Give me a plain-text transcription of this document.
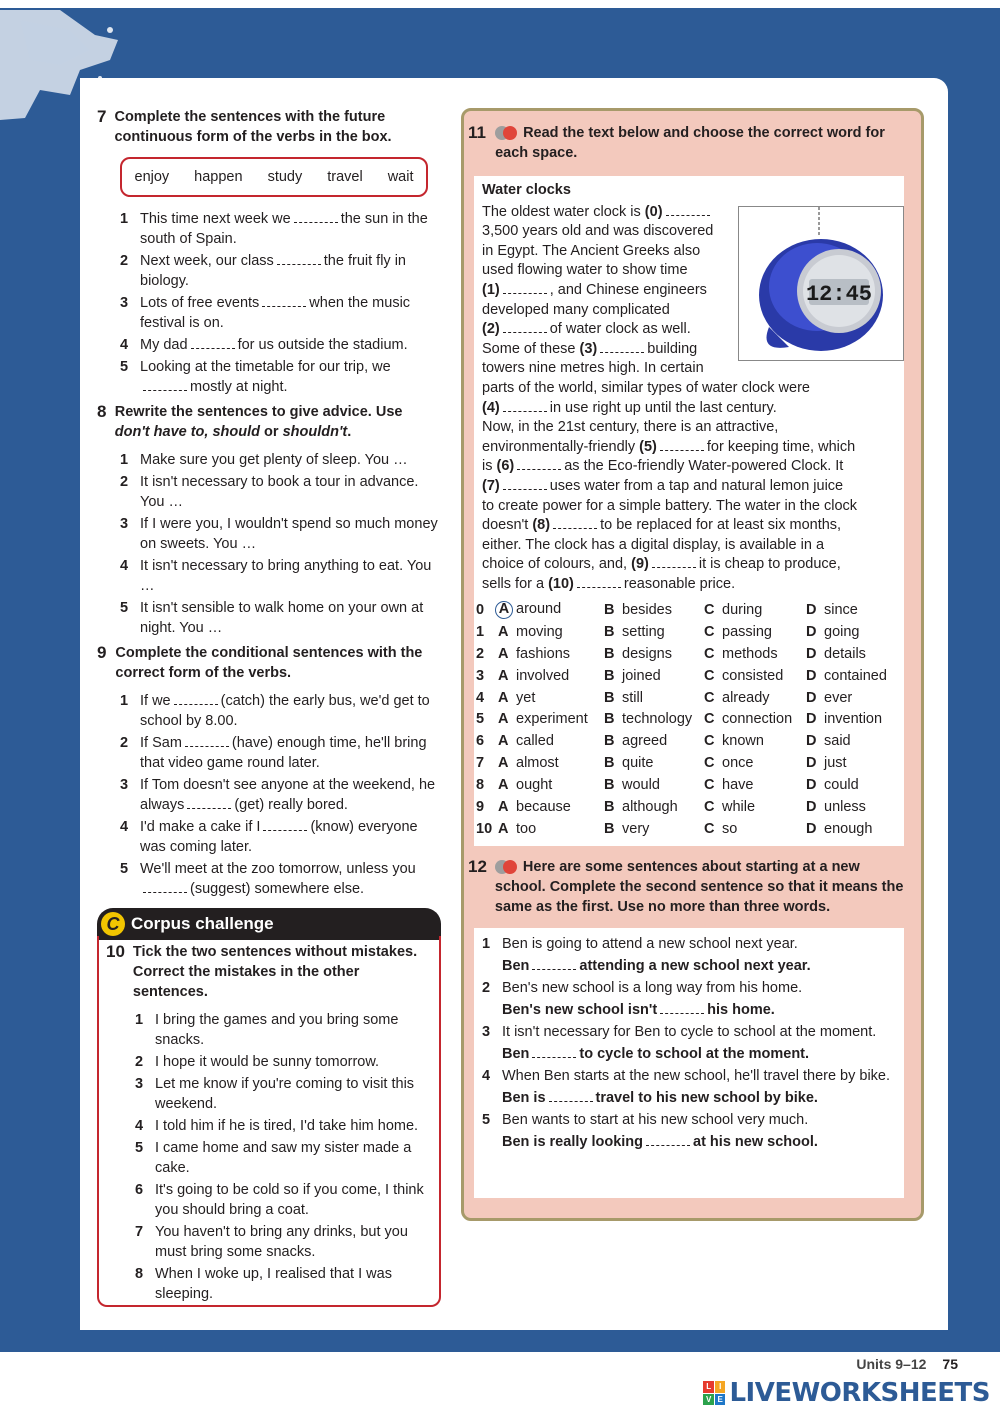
7 Complete the sentences with the future continuous form of the verbs in the box.
enjoy happen study travel wait
1 This time next week we	the sun in the south of Spain.
2 Next week, our class	the fruit fly in biology.
3 Lots of free events	when the music festival is on.
4 My dad	for us outside the stadium.
5 Looking at the timetable for our trip, wemostly at night.
8 Rewrite the sentences to give advice. Use don't have to, should or shouldn't.
1 Make sure you get plenty of sleep. You …
2 It isn't necessary to book a tour in advance. You …
3 If I were you, I wouldn't spend so much money on sweets. You …
4 It isn't necessary to bring anything to eat. You …
5 It isn't sensible to walk home on your own at night. You …
9 Complete the conditional sentences with the correct form of the verbs.
1 If we	(catch) the early bus, we'd get to school by 8.00.
2 If Sam	(have) enough time, he'll bring that video game round later.
3 If Tom doesn't see anyone at the weekend, he always	(get) really bored.
4 I'd make a cake if I	(know) everyone was coming later.
5 We'll meet at the zoo tomorrow, unless you(suggest) somewhere else.
C Corpus challenge
10 Tick the two sentences without mistakes. Correct the mistakes in the other sentences.
1 I bring the games and you bring some snacks.
2 I hope it would be sunny tomorrow.
3 Let me know if you're coming to visit this weekend.
4 I told him if he is tired, I'd take him home.
5 I came home and saw my sister made a cake.
6 It's going to be cold so if you come, I think you should bring a coat.
7 You haven't to bring any drinks, but you must bring some snacks.
8 When I woke up, I realised that I was sleeping.
11	Read the text below and choose the correct word for each space.
Water clocks

The oldest water clock is (0)

3,500 years old and was discovered

in Egypt. The Ancient Greeks also

used flowing water to show time

(1)	, and Chinese engineers

developed many complicated

(2)	of water clock as well.

Some of these (3)	building

towers nine metres high. In certain

parts of the world, similar types of water clock were

(4)	in use right up until the last century.

Now, in the 21st century, there is an attractive,

environmentally-friendly (5)	for keeping time, which

is (6)	as the Eco-friendly Water-powered Clock. It

(7)	uses water from a tap and natural lemon juice

to create power for a simple battery. The water in the clock

doesn't (8)	to be replaced for at least six months,

either. The clock has a digital display, is available in a

choice of colours, and, (9)	it is cheap to produce,

sells for a (10)	reasonable price.

12:45
0	A around	B besides C during	D since
1 A moving	B setting	C passing D going
2 A fashions B designs C methods D details
3 A involved B joined	C consisted D contained
4 A yet	B still	C already	D ever
5 A experiment B technology C connection D invention
6 A called	B agreed	C known	D said
7 A almost	B quite	C once	D just
8 A ought	B would	C have	D could
9 A because B although C while	D unless
10 A too	B very	C so	D enough
12	Here are some sentences about starting at a new school. Complete the second sentence so that it means the same as the first. Use no more than three words.
1 Ben is going to attend a new school next year.
Ben	attending a new school next year.
2 Ben's new school is a long way from his home.
Ben's new school isn't	his home.
3 It isn't necessary for Ben to cycle to school at the moment.
Ben	to cycle to school at the moment.
4 When Ben starts at the new school, he'll travel there by bike.
Ben is	travel to his new school by bike.
5 Ben wants to start at his new school very much.
Ben is really looking	at his new school.
Units 9–12 75
L I
V E LIVEWORKSHEETS
